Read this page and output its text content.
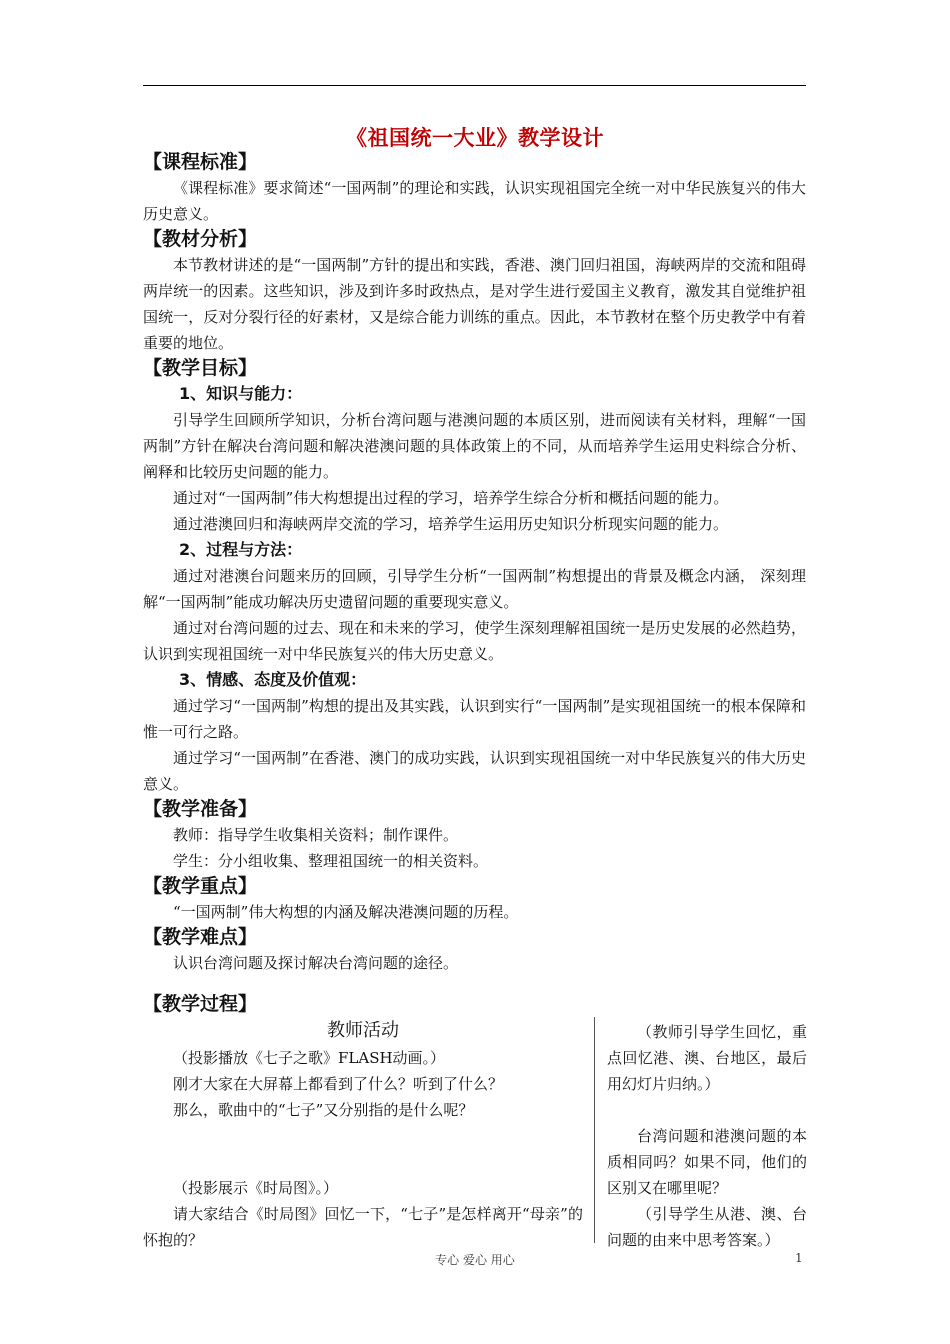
《祖国统一大业》教学设计

【课程标准】

《课程标准》要求简述“一国两制”的理论和实践，认识实现祖国完全统一对中华民族复兴的伟大历史意义。

【教材分析】

本节教材讲述的是“一国两制”方针的提出和实践，香港、澳门回归祖国，海峡两岸的交流和阻碍两岸统一的因素。这些知识，涉及到许多时政热点，是对学生进行爱国主义教育，激发其自觉维护祖国统一，反对分裂行径的好素材，又是综合能力训练的重点。因此，本节教材在整个历史教学中有着重要的地位。

【教学目标】

1、知识与能力：

引导学生回顾所学知识，分析台湾问题与港澳问题的本质区别，进而阅读有关材料，理解“一国两制”方针在解决台湾问题和解决港澳问题的具体政策上的不同，从而培养学生运用史料综合分析、阐释和比较历史问题的能力。

通过对“一国两制”伟大构想提出过程的学习，培养学生综合分析和概括问题的能力。

通过港澳回归和海峡两岸交流的学习，培养学生运用历史知识分析现实问题的能力。

2、过程与方法：

通过对港澳台问题来历的回顾，引导学生分析“一国两制”构想提出的背景及概念内涵， 深刻理解“一国两制”能成功解决历史遗留问题的重要现实意义。

通过对台湾问题的过去、现在和未来的学习，使学生深刻理解祖国统一是历史发展的必然趋势，认识到实现祖国统一对中华民族复兴的伟大历史意义。

3、情感、态度及价值观：

通过学习“一国两制”构想的提出及其实践，认识到实行“一国两制”是实现祖国统一的根本保障和惟一可行之路。

通过学习“一国两制”在香港、澳门的成功实践，认识到实现祖国统一对中华民族复兴的伟大历史意义。

【教学准备】

教师：指导学生收集相关资料；制作课件。

学生：分小组收集、整理祖国统一的相关资料。

【教学重点】

“一国两制”伟大构想的内涵及解决港澳问题的历程。

【教学难点】

认识台湾问题及探讨解决台湾问题的途径。

【教学过程】

教师活动

（投影播放《七子之歌》FLASH动画。）

刚才大家在大屏幕上都看到了什么？听到了什么？

那么，歌曲中的“七子”又分别指的是什么呢？

（投影展示《时局图》。）

请大家结合《时局图》回忆一下，“七子”是怎样离开“母亲”的怀抱的？

（教师引导学生回忆，重点回忆港、澳、台地区，最后用幻灯片归纳。）

台湾问题和港澳问题的本质相同吗？如果不同，他们的区别又在哪里呢？

（引导学生从港、澳、台问题的由来中思考答案。）

专心 爱心 用心	1
